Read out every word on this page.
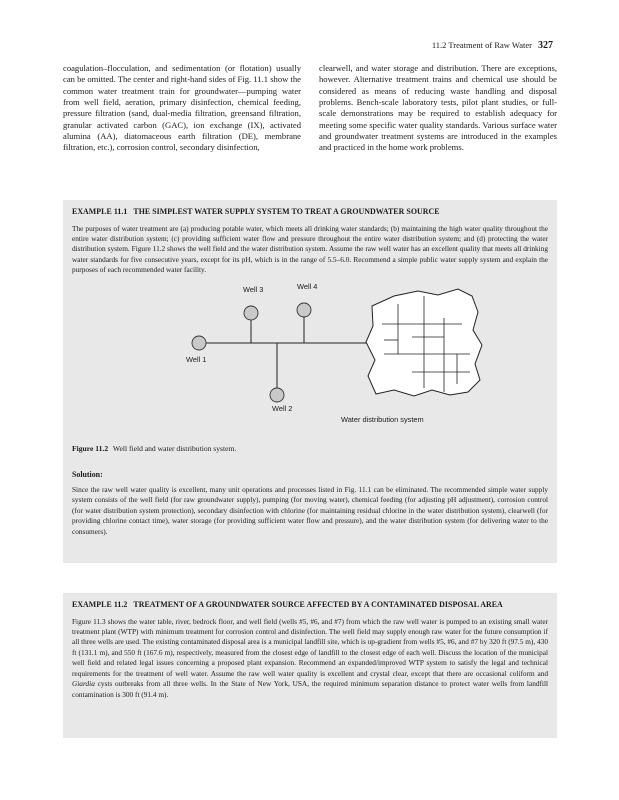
11.2 Treatment of Raw Water 327
coagulation–flocculation, and sedimentation (or flotation) usually can be omitted. The center and right-hand sides of Fig. 11.1 show the common water treatment train for groundwater—pumping water from well field, aeration, primary disinfection, chemical feeding, pressure filtration (sand, dual-media filtration, greensand filtration, granular activated carbon (GAC), ion exchange (IX), activated alumina (AA), diatomaceous earth filtration (DE), membrane filtration, etc.), corrosion control, secondary disinfection,
clearwell, and water storage and distribution. There are exceptions, however. Alternative treatment trains and chemical use should be considered as means of reducing waste handling and disposal problems. Bench-scale laboratory tests, pilot plant studies, or full-scale demonstrations may be required to establish adequacy for meeting some specific water quality standards. Various surface water and groundwater treatment systems are introduced in the examples and practiced in the home work problems.
EXAMPLE 11.1 THE SIMPLEST WATER SUPPLY SYSTEM TO TREAT A GROUNDWATER SOURCE
The purposes of water treatment are (a) producing potable water, which meets all drinking water standards; (b) maintaining the high water quality throughout the entire water distribution system; (c) providing sufficient water flow and pressure throughout the entire water distribution system; and (d) protecting the water distribution system. Figure 11.2 shows the well field and the water distribution system. Assume the raw well water has an excellent quality that meets all drinking water standards for five consecutive years, except for its pH, which is in the range of 5.5–6.0. Recommend a simple public water supply system and explain the purposes of each recommended water facility.
Well 3	Well 4
Well 1
Well 2
Water distribution system
Figure 11.2 Well field and water distribution system.
Solution:
Since the raw well water quality is excellent, many unit operations and processes listed in Fig. 11.1 can be eliminated. The recommended simple water supply system consists of the well field (for raw groundwater supply), pumping (for moving water), chemical feeding (for adjusting pH adjustment), corrosion control (for water distribution system protection), secondary disinfection with chlorine (for maintaining residual chlorine in the water distribution system), clearwell (for providing chlorine contact time), water storage (for providing sufficient water flow and pressure), and the water distribution system (for delivering water to the consumers).
EXAMPLE 11.2 TREATMENT OF A GROUNDWATER SOURCE AFFECTED BY A CONTAMINATED DISPOSAL AREA
Figure 11.3 shows the water table, river, bedrock floor, and well field (wells #5, #6, and #7) from which the raw well water is pumped to an existing small water treatment plant (WTP) with minimum treatment for corrosion control and disinfection. The well field may supply enough raw water for the future consumption if all three wells are used. The existing contaminated disposal area is a municipal landfill site, which is up-gradient from wells #5, #6, and #7 by 320 ft (97.5 m), 430 ft (131.1 m), and 550 ft (167.6 m), respectively, measured from the closest edge of landfill to the closest edge of each well. Discuss the location of the municipal well field and related legal issues concerning a proposed plant expansion. Recommend an expanded/improved WTP system to satisfy the legal and technical requirements for the treatment of well water. Assume the raw well water quality is excellent and crystal clear, except that there are occasional coliform and Giardia cysts outbreaks from all three wells. In the State of New York, USA, the required minimum separation distance to protect water wells from landfill contamination is 300 ft (91.4 m).
